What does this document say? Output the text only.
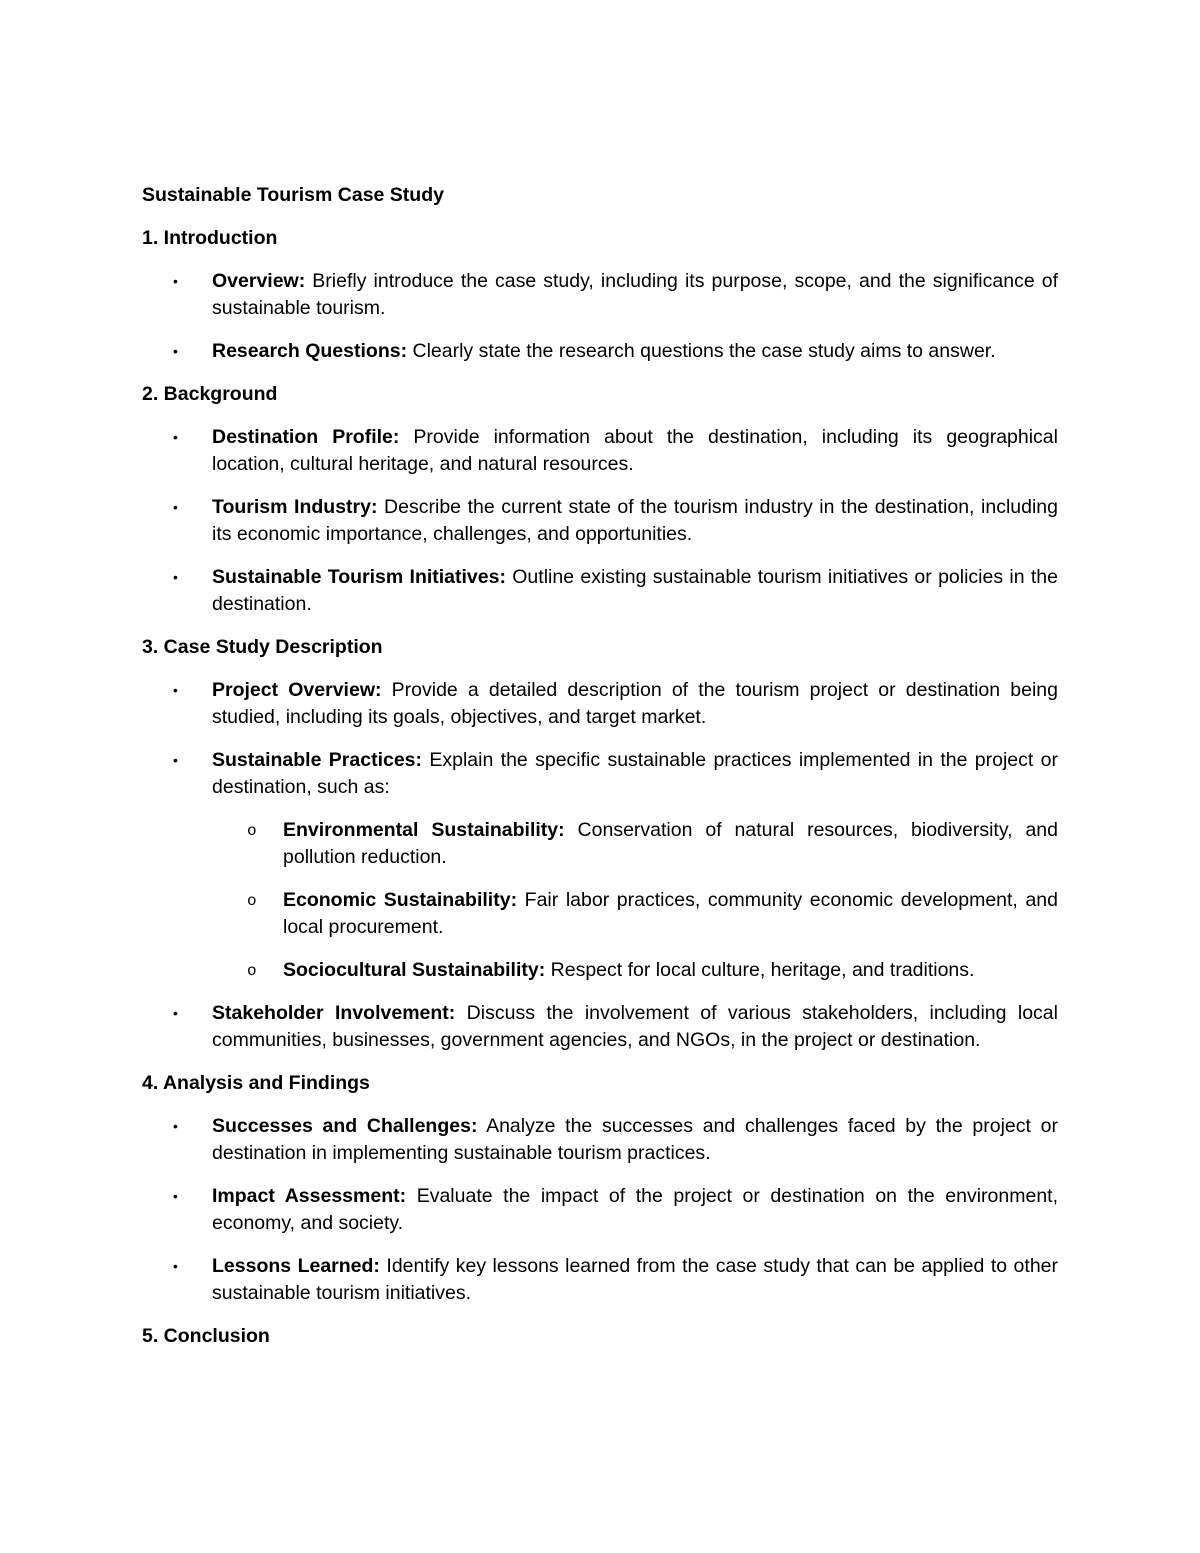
Sustainable Tourism Case Study
1. Introduction
• Overview: Briefly introduce the case study, including its purpose, scope, and the significance of sustainable tourism.
• Research Questions: Clearly state the research questions the case study aims to answer.
2. Background
• Destination Profile: Provide information about the destination, including its geographical location, cultural heritage, and natural resources.
• Tourism Industry: Describe the current state of the tourism industry in the destination, including its economic importance, challenges, and opportunities.
• Sustainable Tourism Initiatives: Outline existing sustainable tourism initiatives or policies in the destination.
3. Case Study Description
• Project Overview: Provide a detailed description of the tourism project or destination being studied, including its goals, objectives, and target market.
• Sustainable Practices: Explain the specific sustainable practices implemented in the project or destination, such as:
o Environmental Sustainability: Conservation of natural resources, biodiversity, and pollution reduction.
o Economic Sustainability: Fair labor practices, community economic development, and local procurement.
o Sociocultural Sustainability: Respect for local culture, heritage, and traditions.
• Stakeholder Involvement: Discuss the involvement of various stakeholders, including local communities, businesses, government agencies, and NGOs, in the project or destination.
4. Analysis and Findings
• Successes and Challenges: Analyze the successes and challenges faced by the project or destination in implementing sustainable tourism practices.
• Impact Assessment: Evaluate the impact of the project or destination on the environment, economy, and society.
• Lessons Learned: Identify key lessons learned from the case study that can be applied to other sustainable tourism initiatives.
5. Conclusion
